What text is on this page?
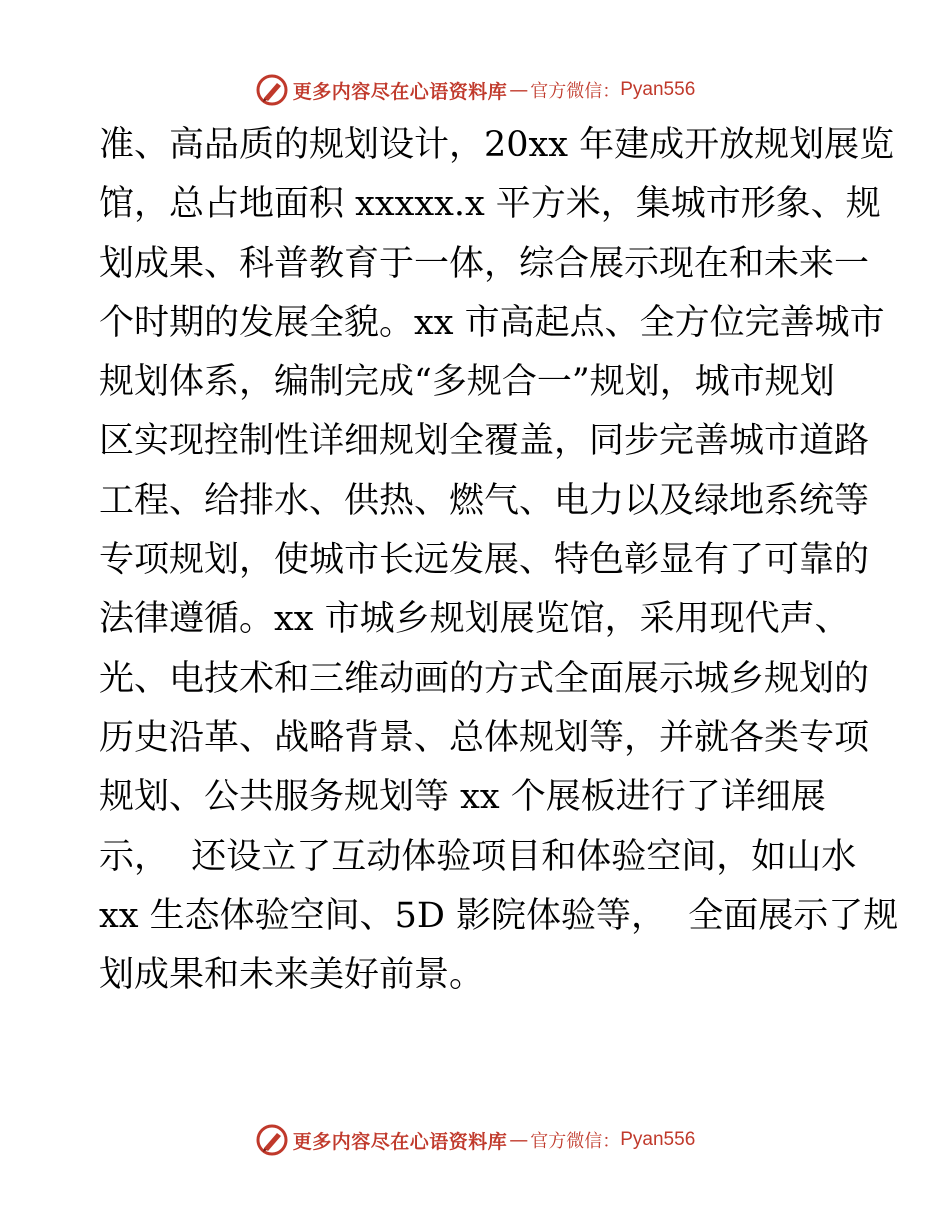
更多内容尽在心语资料库 — 官方微信： Pyan556
准、高品质的规划设计，20xx 年建成开放规划展览
馆，总占地面积 xxxxx.x 平方米，集城市形象、规
划成果、科普教育于一体，综合展示现在和未来一
个时期的发展全貌。xx 市高起点、全方位完善城市
规划体系，编制完成“多规合一”规划，城市规划
区实现控制性详细规划全覆盖，同步完善城市道路
工程、给排水、供热、燃气、电力以及绿地系统等
专项规划，使城市长远发展、特色彰显有了可靠的
法律遵循。xx 市城乡规划展览馆，采用现代声、
光、电技术和三维动画的方式全面展示城乡规划的
历史沿革、战略背景、总体规划等，并就各类专项
规划、公共服务规划等 xx 个展板进行了详细展
示，  还设立了互动体验项目和体验空间，如山水
xx 生态体验空间、5D 影院体验等，  全面展示了规
划成果和未来美好前景。
更多内容尽在心语资料库 — 官方微信： Pyan556
